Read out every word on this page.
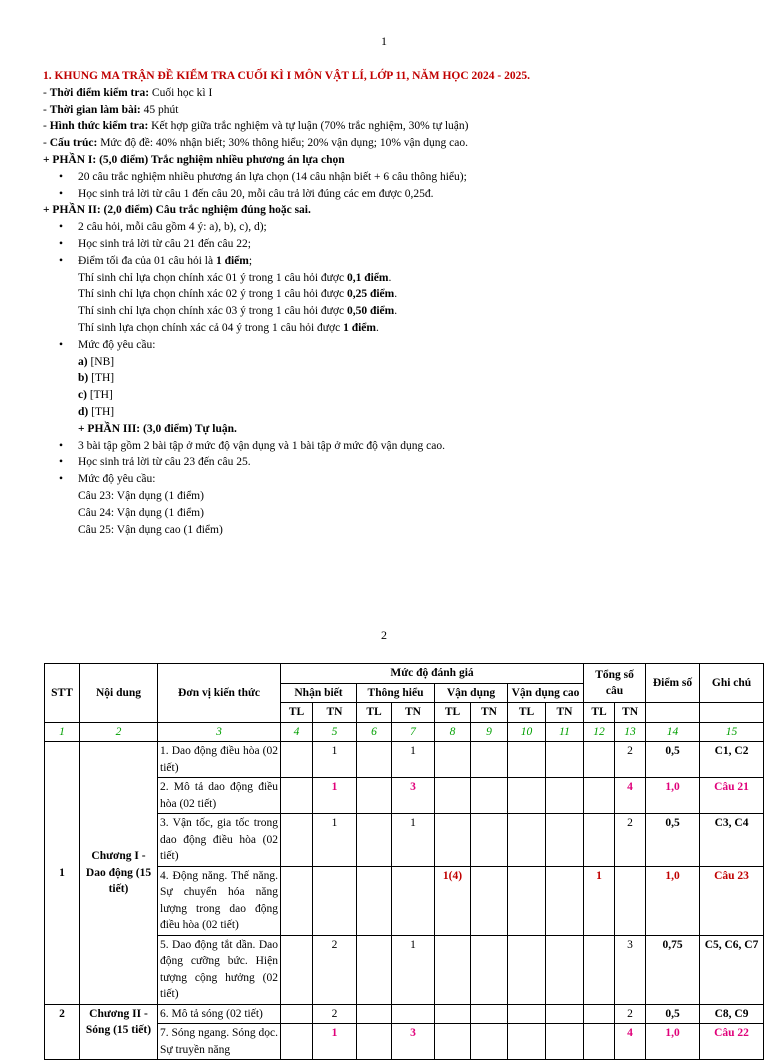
1
1. KHUNG MA TRẬN ĐỀ KIỂM TRA CUỐI KÌ I MÔN VẬT LÍ, LỚP 11, NĂM HỌC 2024 - 2025.
- Thời điểm kiểm tra: Cuối học kì I
- Thời gian làm bài: 45 phút
- Hình thức kiểm tra: Kết hợp giữa trắc nghiệm và tự luận (70% trắc nghiệm, 30% tự luận)
- Cấu trúc: Mức độ đề: 40% nhận biết; 30% thông hiểu; 20% vận dụng; 10% vận dụng cao.
+ PHẦN I: (5,0 điểm) Trắc nghiệm nhiều phương án lựa chọn
• 20 câu trắc nghiệm nhiều phương án lựa chọn (14 câu nhận biết + 6 câu thông hiểu);
• Học sinh trả lời từ câu 1 đến câu 20, mỗi câu trả lời đúng các em được 0,25đ.
+ PHẦN II: (2,0 điểm) Câu trắc nghiệm đúng hoặc sai.
• 2 câu hỏi, mỗi câu gồm 4 ý: a), b), c), d);
• Học sinh trả lời từ câu 21 đến câu 22;
• Điểm tối đa của 01 câu hỏi là 1 điểm;
Thí sinh chỉ lựa chọn chính xác 01 ý trong 1 câu hỏi được 0,1 điểm.
Thí sinh chỉ lựa chọn chính xác 02 ý trong 1 câu hỏi được 0,25 điểm.
Thí sinh chỉ lựa chọn chính xác 03 ý trong 1 câu hỏi được 0,50 điểm.
Thí sinh lựa chọn chính xác cả 04 ý trong 1 câu hỏi được 1 điểm.
• Mức độ yêu cầu:
a) [NB]
b) [TH]
c) [TH]
d) [TH]
+ PHẦN III: (3,0 điểm) Tự luận.
• 3 bài tập gồm 2 bài tập ở mức độ vận dụng và 1 bài tập ở mức độ vận dụng cao.
• Học sinh trả lời từ câu 23 đến câu 25.
• Mức độ yêu cầu:
Câu 23: Vận dụng (1 điểm)
Câu 24: Vận dụng (1 điểm)
Câu 25: Vận dụng cao (1 điểm)
2
STT	Nội dung	Đơn vị kiến thức	Mức độ đánh giá								Tổng số câu		Điểm số	Ghi chú
			Nhận biết		Thông hiểu		Vận dụng		Vận dụng cao					
			TL	TN	TL	TN	TL	TN	TL	TN	TL	TN		
1	2	3	4	5	6	7	8	9	10	11	12	13	14	15
1	Chương I - Dao động (15 tiết)	1. Dao động điều hòa (02 tiết)		1		1						2	0,5	C1, C2
		2. Mô tả dao động điều hòa (02 tiết)		1		3						4	1,0	Câu 21
		3. Vận tốc, gia tốc trong dao động điều hòa (02 tiết)		1		1						2	0,5	C3, C4
		4. Động năng. Thế năng. Sự chuyển hóa năng lượng trong dao động điều hòa (02 tiết)					1(4)				1		1,0	Câu 23
		5. Dao động tắt dần. Dao động cưỡng bức. Hiện tượng cộng hưởng (02 tiết)		2		1						3	0,75	C5, C6, C7
2	Chương II - Sóng (15 tiết)	6. Mô tả sóng (02 tiết)		2								2	0,5	C8, C9
		7. Sóng ngang. Sóng dọc. Sự truyền năng		1		3						4	1,0	Câu 22
